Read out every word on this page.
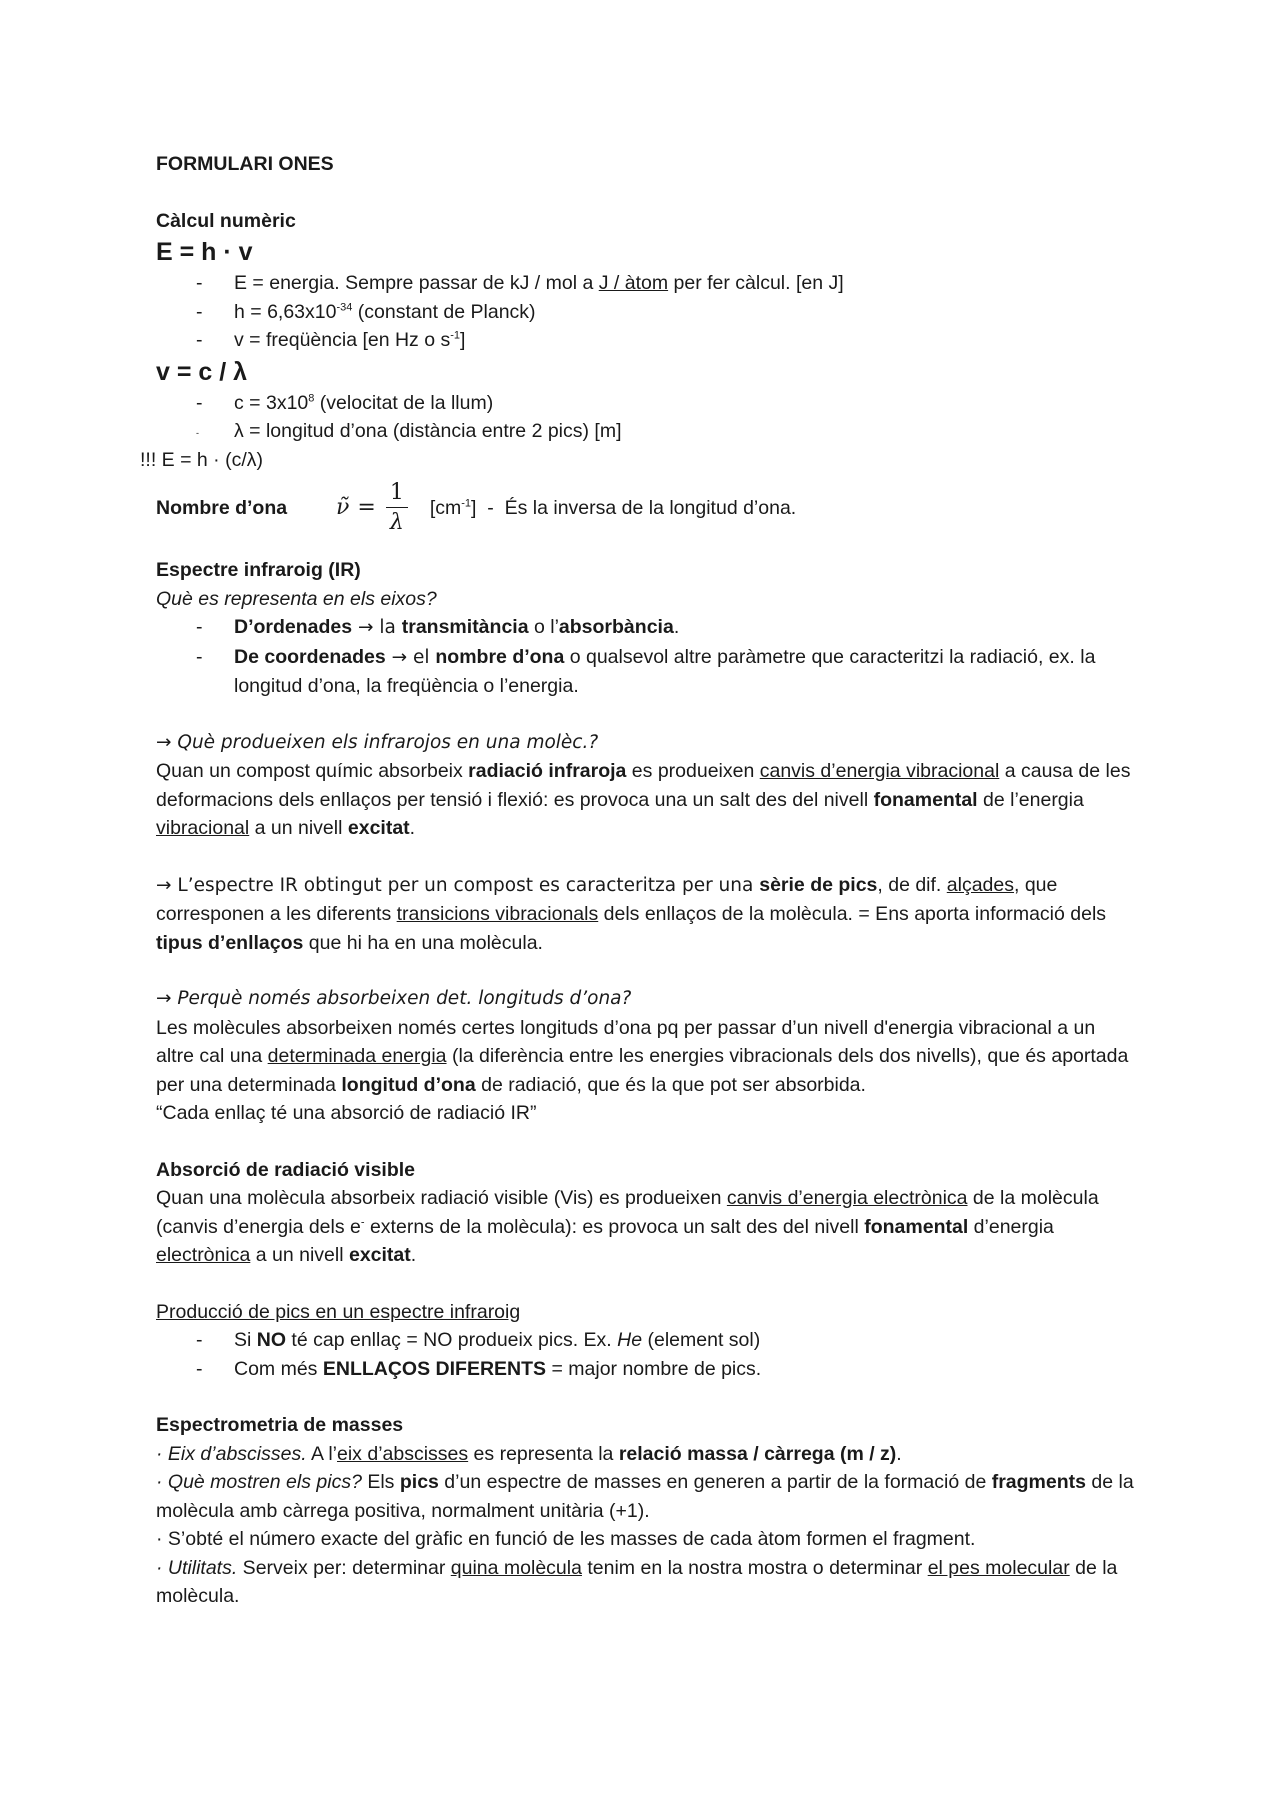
FORMULARI ONES

Càlcul numèric

E = h · v

- E = energia. Sempre passar de kJ / mol a J / àtom per fer càlcul. [en J]

- $h = 6,63x10^{-34}$ (constant de Planck)

- v = freqüència [en Hz o $s^{-1}$]

v = c / λ

- $c = 3x10^8$ (velocitat de la llum)

- λ = longitud d’ona (distància entre 2 pics) [m]

!!! E = h · (c/λ)

Nombre d’ona	ν̃ = $\frac{1}{\lambda} [cm^{-1}]$ -  És la inversa de la longitud d’ona.

Espectre infraroig (IR)

Què es representa en els eixos?

- D’ordenades → la transmitància o l’absorbància.

- De coordenades → el nombre d’ona o qualsevol altre paràmetre que caracteritzi la radiació, ex. la longitud d’ona, la freqüència o l’energia.

→ Què produeixen els infrarojos en una molèc.?

Quan un compost químic absorbeix radiació infraroja es produeixen canvis d’energia vibracional a causa de les deformacions dels enllaços per tensió i flexió: es provoca una un salt des del nivell fonamental de l’energia vibracional a un nivell excitat.

→ L’espectre IR obtingut per un compost es caracteritza per una sèrie de pics, de dif. alçades, que corresponen a les diferents transicions vibracionals dels enllaços de la molècula. = Ens aporta informació dels tipus d’enllaços que hi ha en una molècula.

→ Perquè només absorbeixen det. longituds d’ona?

Les molècules absorbeixen només certes longituds d’ona pq per passar d’un nivell d'energia vibracional a un altre cal una determinada energia (la diferència entre les energies vibracionals dels dos nivells), que és aportada per una determinada longitud d’ona de radiació, que és la que pot ser absorbida.

“Cada enllaç té una absorció de radiació IR”

Absorció de radiació visible

Quan una molècula absorbeix radiació visible (Vis) es produeixen canvis d’energia electrònica de la molècula (canvis d’energia dels e- externs de la molècula): es provoca un salt des del nivell fonamental d’energia electrònica a un nivell excitat.

Producció de pics en un espectre infraroig

- Si NO té cap enllaç = NO produeix pics. Ex. He (element sol)

- Com més ENLLAÇOS DIFERENTS = major nombre de pics.

Espectrometria de masses

· Eix d’abscisses. A l’eix d’abscisses es representa la relació massa / càrrega (m / z).

· Què mostren els pics? Els pics d’un espectre de masses en generen a partir de la formació de fragments de la molècula amb càrrega positiva, normalment unitària (+1).

· S’obté el número exacte del gràfic en funció de les masses de cada àtom formen el fragment.

· Utilitats. Serveix per: determinar quina molècula tenim en la nostra mostra o determinar el pes molecular de la molècula.
